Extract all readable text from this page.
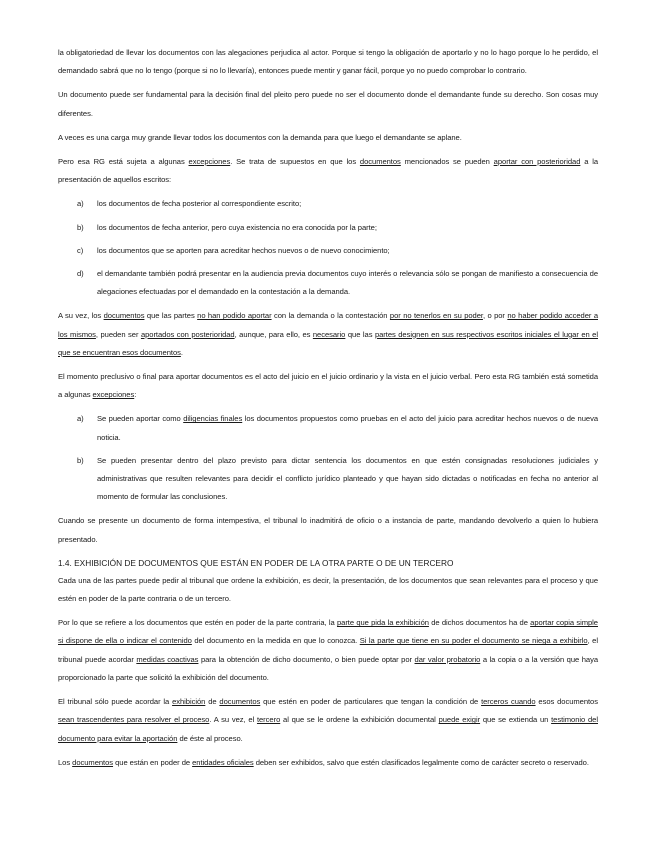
la obligatoriedad de llevar los documentos con las alegaciones perjudica al actor. Porque si tengo la obligación de aportarlo y no lo hago porque lo he perdido, el demandado sabrá que no lo tengo (porque si no lo llevaría), entonces puede mentir y ganar fácil, porque yo no puedo comprobar lo contrario.

Un documento puede ser fundamental para la decisión final del pleito pero puede no ser el documento donde el demandante funde su derecho. Son cosas muy diferentes.

A veces es una carga muy grande llevar todos los documentos con la demanda para que luego el demandante se aplane.

Pero esa RG está sujeta a algunas excepciones. Se trata de supuestos en que los documentos mencionados se pueden aportar con posterioridad a la presentación de aquellos escritos:

a) los documentos de fecha posterior al correspondiente escrito;
b) los documentos de fecha anterior, pero cuya existencia no era conocida por la parte;
c) los documentos que se aporten para acreditar hechos nuevos o de nuevo conocimiento;
d) el demandante también podrá presentar en la audiencia previa documentos cuyo interés o relevancia sólo se pongan de manifiesto a consecuencia de alegaciones efectuadas por el demandado en la contestación a la demanda.

A su vez, los documentos que las partes no han podido aportar con la demanda o la contestación por no tenerlos en su poder, o por no haber podido acceder a los mismos, pueden ser aportados con posterioridad, aunque, para ello, es necesario que las partes designen en sus respectivos escritos iniciales el lugar en el que se encuentran esos documentos.

El momento preclusivo o final para aportar documentos es el acto del juicio en el juicio ordinario y la vista en el juicio verbal. Pero esta RG también está sometida a algunas excepciones:

a) Se pueden aportar como diligencias finales los documentos propuestos como pruebas en el acto del juicio para acreditar hechos nuevos o de nueva noticia.
b) Se pueden presentar dentro del plazo previsto para dictar sentencia los documentos en que estén consignadas resoluciones judiciales y administrativas que resulten relevantes para decidir el conflicto jurídico planteado y que hayan sido dictadas o notificadas en fecha no anterior al momento de formular las conclusiones.

Cuando se presente un documento de forma intempestiva, el tribunal lo inadmitirá de oficio o a instancia de parte, mandando devolverlo a quien lo hubiera presentado.

1.4. EXHIBICIÓN DE DOCUMENTOS QUE ESTÁN EN PODER DE LA OTRA PARTE O DE UN TERCERO

Cada una de las partes puede pedir al tribunal que ordene la exhibición, es decir, la presentación, de los documentos que sean relevantes para el proceso y que estén en poder de la parte contraria o de un tercero.

Por lo que se refiere a los documentos que estén en poder de la parte contraria, la parte que pida la exhibición de dichos documentos ha de aportar copia simple si dispone de ella o indicar el contenido del documento en la medida en que lo conozca. Si la parte que tiene en su poder el documento se niega a exhibirlo, el tribunal puede acordar medidas coactivas para la obtención de dicho documento, o bien puede optar por dar valor probatorio a la copia o a la versión que haya proporcionado la parte que solicitó la exhibición del documento.

El tribunal sólo puede acordar la exhibición de documentos que estén en poder de particulares que tengan la condición de terceros cuando esos documentos sean trascendentes para resolver el proceso. A su vez, el tercero al que se le ordene la exhibición documental puede exigir que se extienda un testimonio del documento para evitar la aportación de éste al proceso.

Los documentos que están en poder de entidades oficiales deben ser exhibidos, salvo que estén clasificados legalmente como de carácter secreto o reservado.
